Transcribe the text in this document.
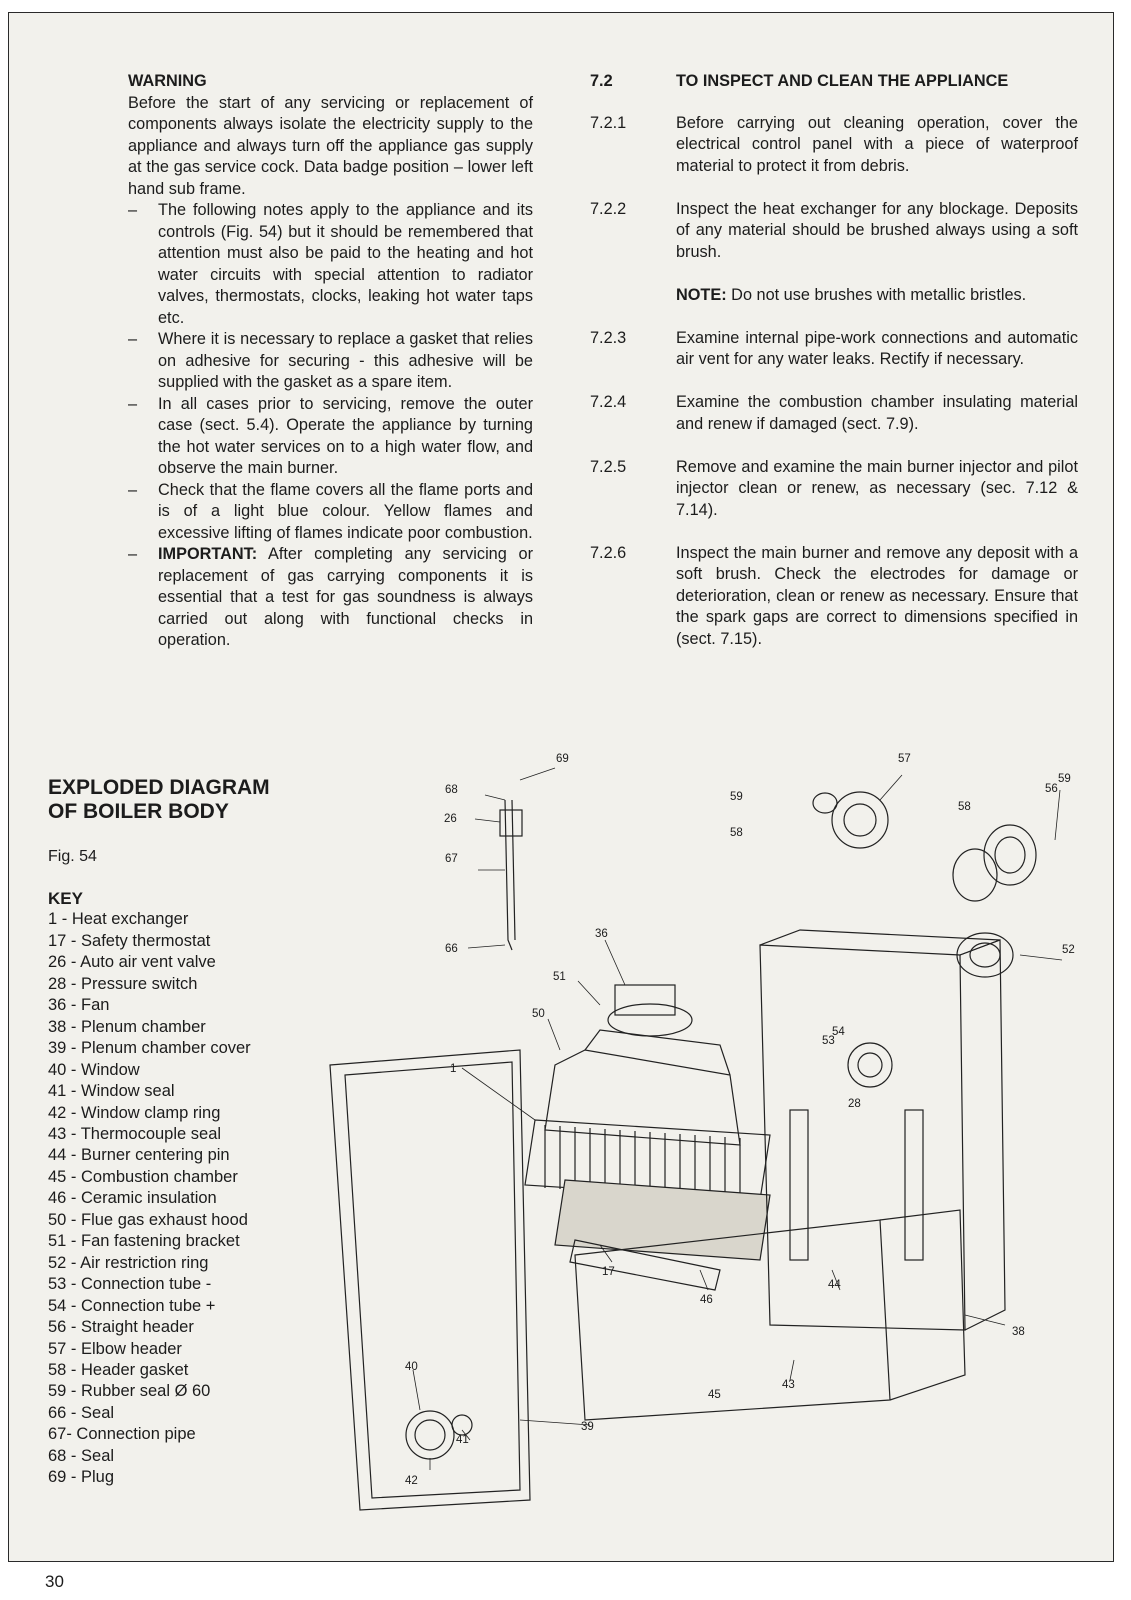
WARNING

Before the start of any servicing or replacement of components always isolate the electricity supply to the appliance and always turn off the appliance gas supply at the gas service cock. Data badge position – lower left hand sub frame.

–	The following notes apply to the appliance and its controls (Fig. 54) but it should be remembered that attention must also be paid to the heating and hot water circuits with special attention to radiator valves, thermostats, clocks, leaking hot water taps etc.
–	Where it is necessary to replace a gasket that relies on adhesive for securing - this adhesive will be supplied with the gasket as a spare item.
–	In all cases prior to servicing, remove the outer case (sect. 5.4). Operate the appliance by turning the hot water services on to a high water flow, and observe the main burner.
–	Check that the flame covers all the flame ports and is of a light blue colour. Yellow flames and excessive lifting of flames indicate poor combustion.
–	IMPORTANT: After completing any servicing or replacement of gas carrying components it is essential that a test for gas soundness is always carried out along with functional checks in operation.
7.2	TO INSPECT AND CLEAN THE APPLIANCE
7.2.1	Before carrying out cleaning operation, cover the electrical control panel with a piece of waterproof material to protect it from debris.
7.2.2	Inspect the heat exchanger for any blockage. Deposits of any material should be brushed always using a soft brush.
NOTE: Do not use brushes with metallic bristles.
7.2.3	Examine internal pipe-work connections and automatic air vent for any water leaks. Rectify if necessary.
7.2.4	Examine the combustion chamber insulating material and renew if damaged (sect. 7.9).
7.2.5	Remove and examine the main burner injector and pilot injector clean or renew, as necessary (sec. 7.12 & 7.14).
7.2.6	Inspect the main burner and remove any deposit with a soft brush. Check the electrodes for damage or deterioration, clean or renew as necessary. Ensure that the spark gaps are correct to dimensions specified in (sect. 7.15).
EXPLODED DIAGRAM
OF BOILER BODY
Fig. 54
KEY
1 - Heat exchanger
17 - Safety thermostat
26 - Auto air vent valve
28 - Pressure switch
36 - Fan
38 - Plenum chamber
39 - Plenum chamber cover
40 - Window
41 - Window seal
42 - Window clamp ring
43 - Thermocouple seal
44 - Burner centering pin
45 - Combustion chamber
46 - Ceramic insulation
50 - Flue gas exhaust hood
51 - Fan fastening bracket
52 - Air restriction ring
53 - Connection tube -
54 - Connection tube +
56 - Straight header
57 - Elbow header
58 - Header gasket
59 - Rubber seal Ø 60
66 - Seal
67- Connection pipe
68 - Seal
69 - Plug
69
68
26
67
66
36
51
50
1
59
58
57
56
59
58
52
53
54
28
17
46
44
43
38
40
39
41
42
45
30
